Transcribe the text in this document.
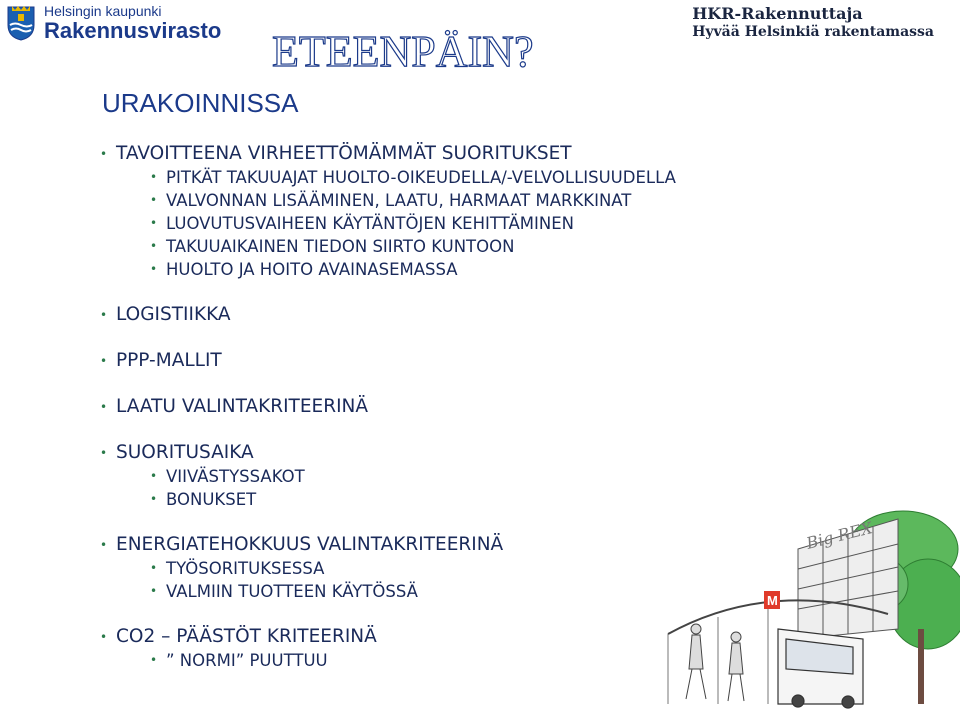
Helsingin kaupunki
Rakennusvirasto
HKR-Rakennuttaja
Hyvää Helsinkiä rakentamassa
ETEENPÄIN?
URAKOINNISSA
• TAVOITTEENA VIRHEETTÖMÄMMÄT SUORITUKSET
• PITKÄT TAKUUAJAT HUOLTO-OIKEUDELLA/-VELVOLLISUUDELLA
• VALVONNAN LISÄÄMINEN, LAATU, HARMAAT MARKKINAT
• LUOVUTUSVAIHEEN KÄYTÄNTÖJEN KEHITTÄMINEN
• TAKUUAIKAINEN TIEDON SIIRTO KUNTOON
• HUOLTO JA HOITO AVAINASEMASSA
• LOGISTIIKKA
• PPP-MALLIT
• LAATU VALINTAKRITEERINÄ
• SUORITUSAIKA
• VIIVÄSTYSSAKOT
• BONUKSET
• ENERGIATEHOKKUUS VALINTAKRITEERINÄ
• TYÖSORITUKSESSA
• VALMIIN TUOTTEEN KÄYTÖSSÄ
• CO2 – PÄÄSTÖT KRITEERINÄ
• ” NORMI” PUUTTUU
Big REX
M
